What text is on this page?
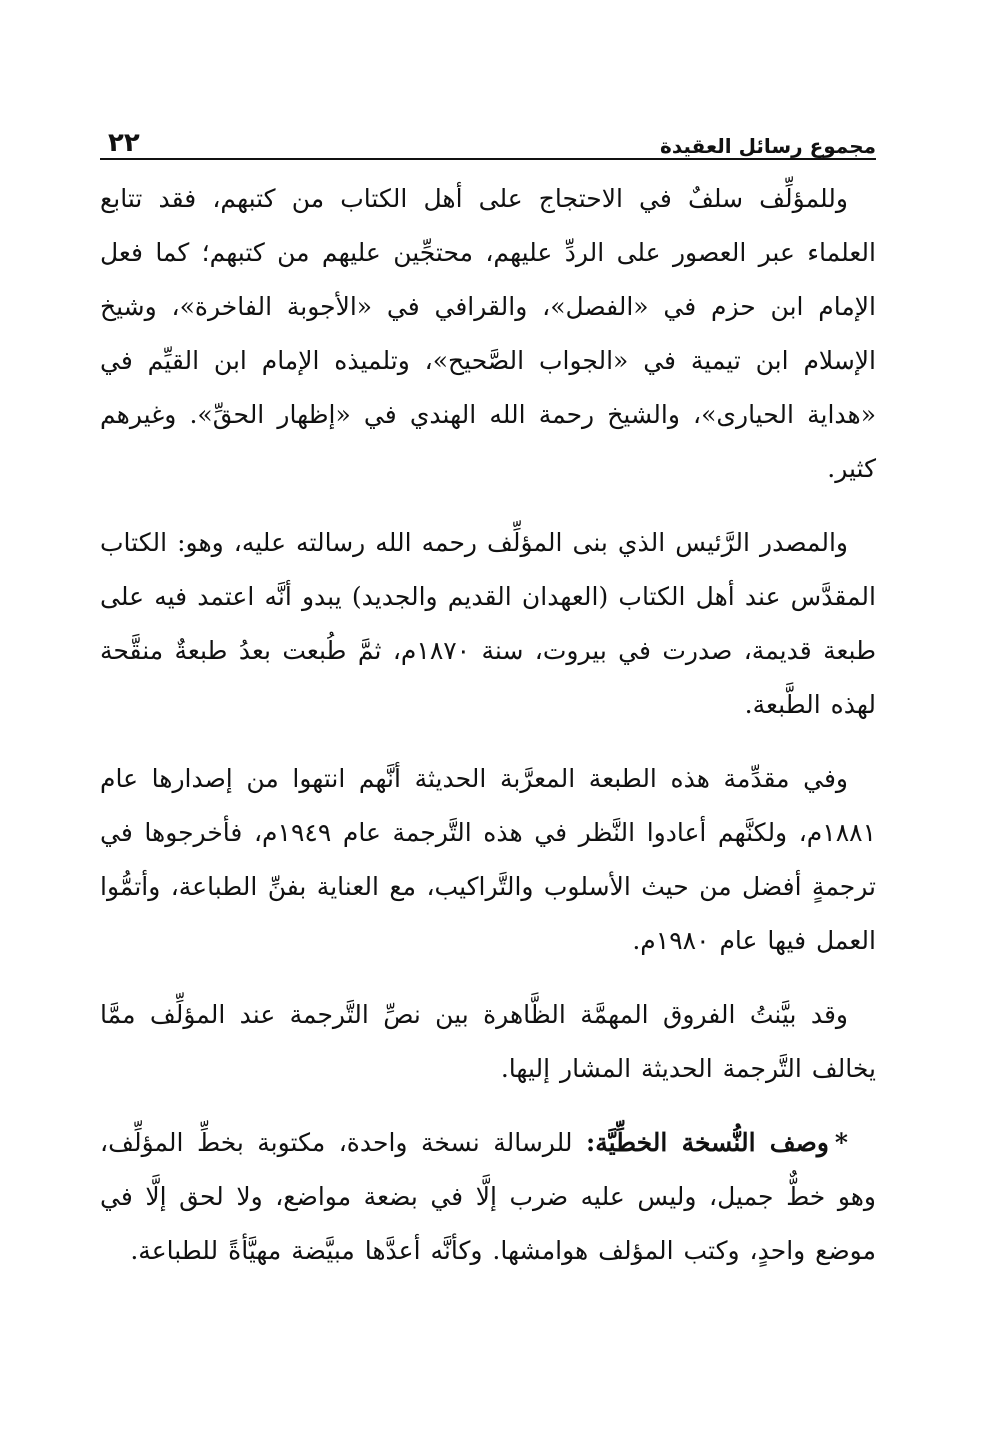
مجموع رسائل العقيدة
٢٢

وللمؤلِّف سلفٌ في الاحتجاج على أهل الكتاب من كتبهم، فقد تتابع العلماء عبر العصور على الردِّ عليهم، محتجِّين عليهم من كتبهم؛ كما فعل الإمام ابن حزم في «الفصل»، والقرافي في «الأجوبة الفاخرة»، وشيخ الإسلام ابن تيمية في «الجواب الصَّحيح»، وتلميذه الإمام ابن القيِّم في «هداية الحيارى»، والشيخ رحمة الله الهندي في «إظهار الحقِّ». وغيرهم كثير.

والمصدر الرَّئيس الذي بنى المؤلِّف رحمه الله رسالته عليه، وهو: الكتاب المقدَّس عند أهل الكتاب (العهدان القديم والجديد) يبدو أنَّه اعتمد فيه على طبعة قديمة، صدرت في بيروت، سنة ١٨٧٠م، ثمَّ طُبعت بعدُ طبعةٌ منقَّحة لهذه الطَّبعة.

وفي مقدِّمة هذه الطبعة المعرَّبة الحديثة أنَّهم انتهوا من إصدارها عام ١٨٨١م، ولكنَّهم أعادوا النَّظر في هذه التَّرجمة عام ١٩٤٩م، فأخرجوها في ترجمةٍ أفضل من حيث الأسلوب والتَّراكيب، مع العناية بفنِّ الطباعة، وأتمُّوا العمل فيها عام ١٩٨٠م.

وقد بيَّنتُ الفروق المهمَّة الظَّاهرة بين نصِّ التَّرجمة عند المؤلِّف ممَّا يخالف التَّرجمة الحديثة المشار إليها.

*وصف النُّسخة الخطِّيَّة: للرسالة نسخة واحدة، مكتوبة بخطِّ المؤلِّف، وهو خطٌّ جميل، وليس عليه ضرب إلَّا في بضعة مواضع، ولا لحق إلَّا في موضع واحدٍ، وكتب المؤلف هوامشها. وكأنَّه أعدَّها مبيَّضة مهيَّأةً للطباعة.
